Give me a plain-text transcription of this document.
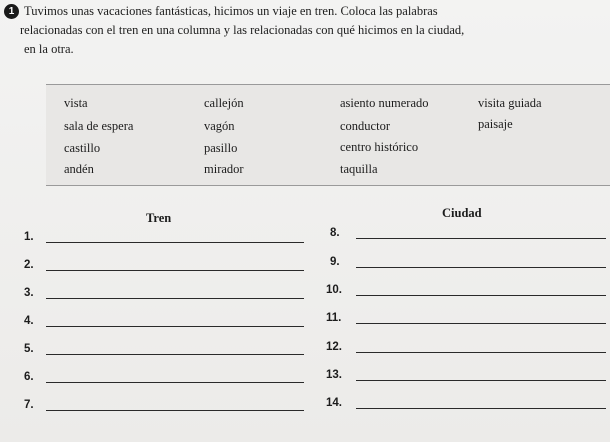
1 Tuvimos unas vacaciones fantásticas, hicimos un viaje en tren. Coloca las palabras
relacionadas con el tren en una columna y las relacionadas con qué hicimos en la ciudad,
en la otra.
⠀
vista	callejón	asiento numerado	visita guiada
sala de espera	vagón	conductor	paisaje
castillo	pasillo	centro histórico
andén	mirador	taquilla
Tren	Ciudad
1.
2.
3.
4.
5.
6.
7.
8.
9.
10.
11.
12.
13.
14.
